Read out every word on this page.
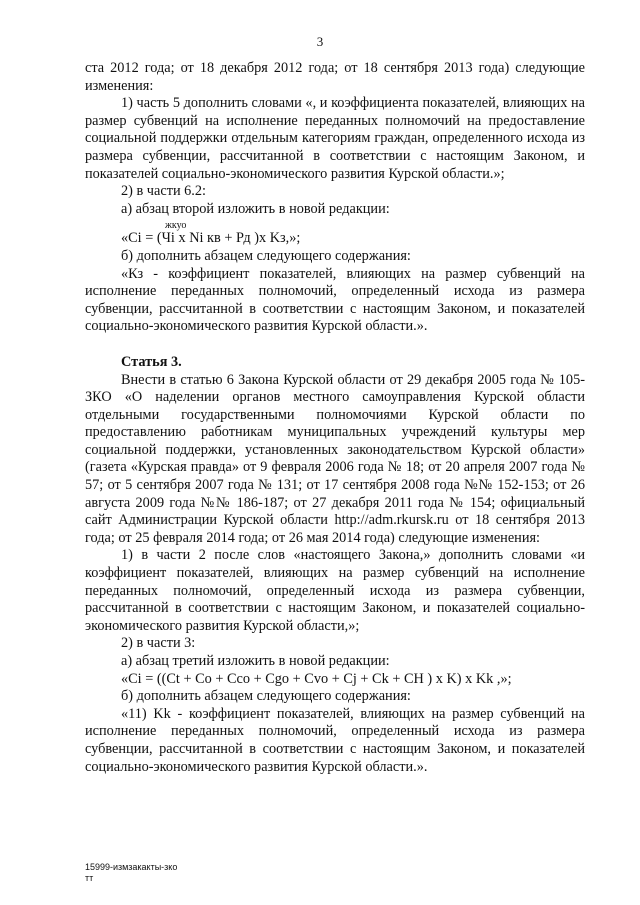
3

ста 2012 года; от 18 декабря 2012 года; от 18 сентября 2013 года) следующие изменения:

1) часть 5 дополнить словами «, и коэффициента показателей, влияющих на размер субвенций на исполнение переданных полномочий на предоставление социальной поддержки отдельным категориям граждан, определенного исхода из размера субвенции, рассчитанной в соответствии с настоящим Законом, и показателей социально-экономического развития Курской области.»;

2) в части 6.2:

а) абзац второй изложить в новой редакции:

жкуо
«Ci = (Чi x Ni кв + Рд )х Kз,»;

б) дополнить абзацем следующего содержания:

«Кз - коэффициент показателей, влияющих на размер субвенций на исполнение переданных полномочий, определенный исхода из размера субвенции, рассчитанной в соответствии с настоящим Законом, и показателей социально-экономического развития Курской области.».

Статья 3.

Внести в статью 6 Закона Курской области от 29 декабря 2005 года № 105-ЗКО «О наделении органов местного самоуправления Курской области отдельными государственными полномочиями Курской области по предоставлению работникам муниципальных учреждений культуры мер социальной поддержки, установленных законодательством Курской области» (газета «Курская правда» от 9 февраля 2006 года № 18; от 20 апреля 2007 года № 57; от 5 сентября 2007 года № 131; от 17 сентября 2008 года №№ 152-153; от 26 августа 2009 года №№ 186-187; от 27 декабря 2011 года № 154; официальный сайт Администрации Курской области http://adm.rkursk.ru от 18 сентября 2013 года; от 25 февраля 2014 года; от 26 мая 2014 года) следующие изменения:

1) в части 2 после слов «настоящего Закона,» дополнить словами «и коэффициент показателей, влияющих на размер субвенций на исполнение переданных полномочий, определенный исхода из размера субвенции, рассчитанной в соответствии с настоящим Законом, и показателей социально-экономического развития Курской области,»;

2) в части 3:

а) абзац третий изложить в новой редакции:

«Ci = ((Ct + Co + Cco + Cgo + Cvo + Cj + Ck + CH ) x K) x Kk ,»;

б) дополнить абзацем следующего содержания:

«11) Kk - коэффициент показателей, влияющих на размер субвенций на исполнение переданных полномочий, определенный исхода из размера субвенции, рассчитанной в соответствии с настоящим Законом, и показателей социально-экономического развития Курской области.».

15999-измзакакты-зко
тт
